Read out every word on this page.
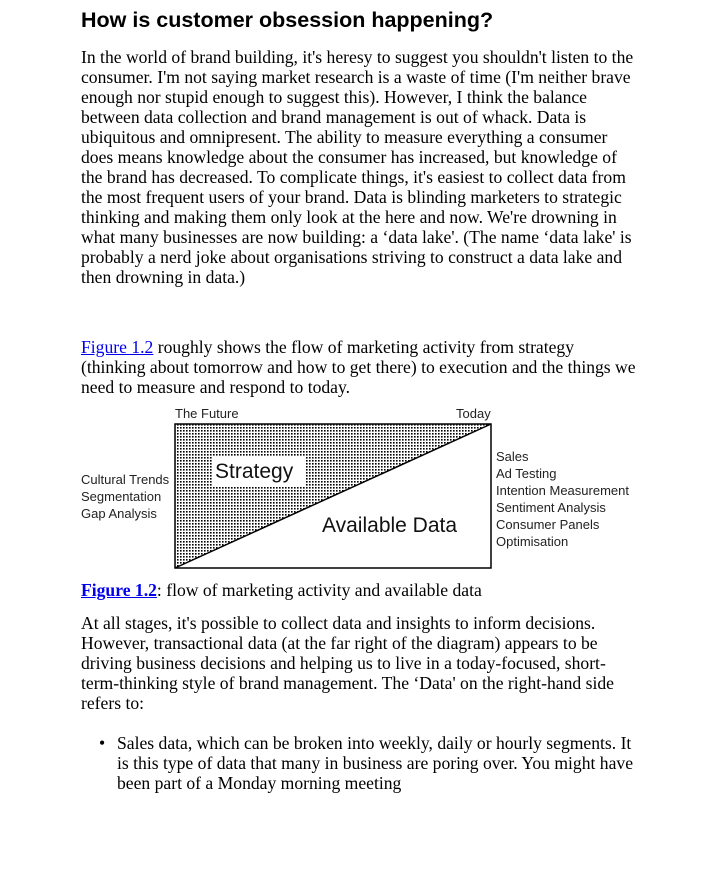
How is customer obsession happening?

In the world of brand building, it's heresy to suggest you shouldn't listen to the consumer. I'm not saying market research is a waste of time (I'm neither brave enough nor stupid enough to suggest this). However, I think the balance between data collection and brand management is out of whack. Data is ubiquitous and omnipresent. The ability to measure everything a consumer does means knowledge about the consumer has increased, but knowledge of the brand has decreased. To complicate things, it's easiest to collect data from the most frequent users of your brand. Data is blinding marketers to strategic thinking and making them only look at the here and now. We're drowning in what many businesses are now building: a ‘data lake'. (The name ‘data lake' is probably a nerd joke about organisations striving to construct a data lake and then drowning in data.)

Figure 1.2 roughly shows the flow of marketing activity from strategy (thinking about tomorrow and how to get there) to execution and the things we need to measure and respond to today.

The Future	Today
Strategy
Available Data
Cultural Trends
Segmentation
Gap Analysis
Sales
Ad Testing
Intention Measurement
Sentiment Analysis
Consumer Panels
Optimisation
Figure 1.2: flow of marketing activity and available data

At all stages, it's possible to collect data and insights to inform decisions. However, transactional data (at the far right of the diagram) appears to be driving business decisions and helping us to live in a today-focused, short-term-thinking style of brand management. The ‘Data' on the right-hand side refers to:

• Sales data, which can be broken into weekly, daily or hourly segments. It is this type of data that many in business are poring over. You might have been part of a Monday morning meeting
